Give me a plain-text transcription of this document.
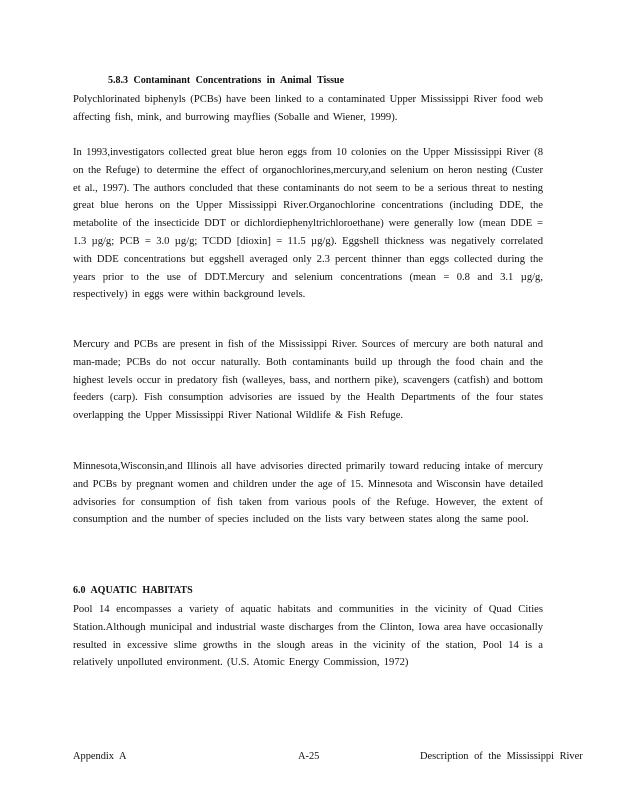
5.8.3 Contaminant Concentrations in Animal Tissue

Polychlorinated biphenyls (PCBs) have been linked to a contaminated Upper Mississippi River food web affecting fish, mink, and burrowing mayflies (Soballe and Wiener, 1999).

In 1993,investigators collected great blue heron eggs from 10 colonies on the Upper Mississippi River (8 on the Refuge) to determine the effect of organochlorines,mercury,and selenium on heron nesting (Custer et al., 1997). The authors concluded that these contaminants do not seem to be a serious threat to nesting great blue herons on the Upper Mississippi River.Organochlorine concentrations (including DDE, the metabolite of the insecticide DDT or dichlordiephenyltrichloroethane) were generally low (mean DDE = 1.3 µg/g; PCB = 3.0 µg/g; TCDD [dioxin] = 11.5 µg/g). Eggshell thickness was negatively correlated with DDE concentrations but eggshell averaged only 2.3 percent thinner than eggs collected during the years prior to the use of DDT.Mercury and selenium concentrations (mean = 0.8 and 3.1 µg/g, respectively) in eggs were within background levels.

Mercury and PCBs are present in fish of the Mississippi River. Sources of mercury are both natural and man-made; PCBs do not occur naturally. Both contaminants build up through the food chain and the highest levels occur in predatory fish (walleyes, bass, and northern pike), scavengers (catfish) and bottom feeders (carp). Fish consumption advisories are issued by the Health Departments of the four states overlapping the Upper Mississippi River National Wildlife & Fish Refuge.

Minnesota,Wisconsin,and Illinois all have advisories directed primarily toward reducing intake of mercury and PCBs by pregnant women and children under the age of 15. Minnesota and Wisconsin have detailed advisories for consumption of fish taken from various pools of the Refuge. However, the extent of consumption and the number of species included on the lists vary between states along the same pool.

6.0 AQUATIC HABITATS

Pool 14 encompasses a variety of aquatic habitats and communities in the vicinity of Quad Cities Station.Although municipal and industrial waste discharges from the Clinton, Iowa area have occasionally resulted in excessive slime growths in the slough areas in the vicinity of the station, Pool 14 is a relatively unpolluted environment. (U.S. Atomic Energy Commission, 1972)

Appendix A	A-25	Description of the Mississippi River
